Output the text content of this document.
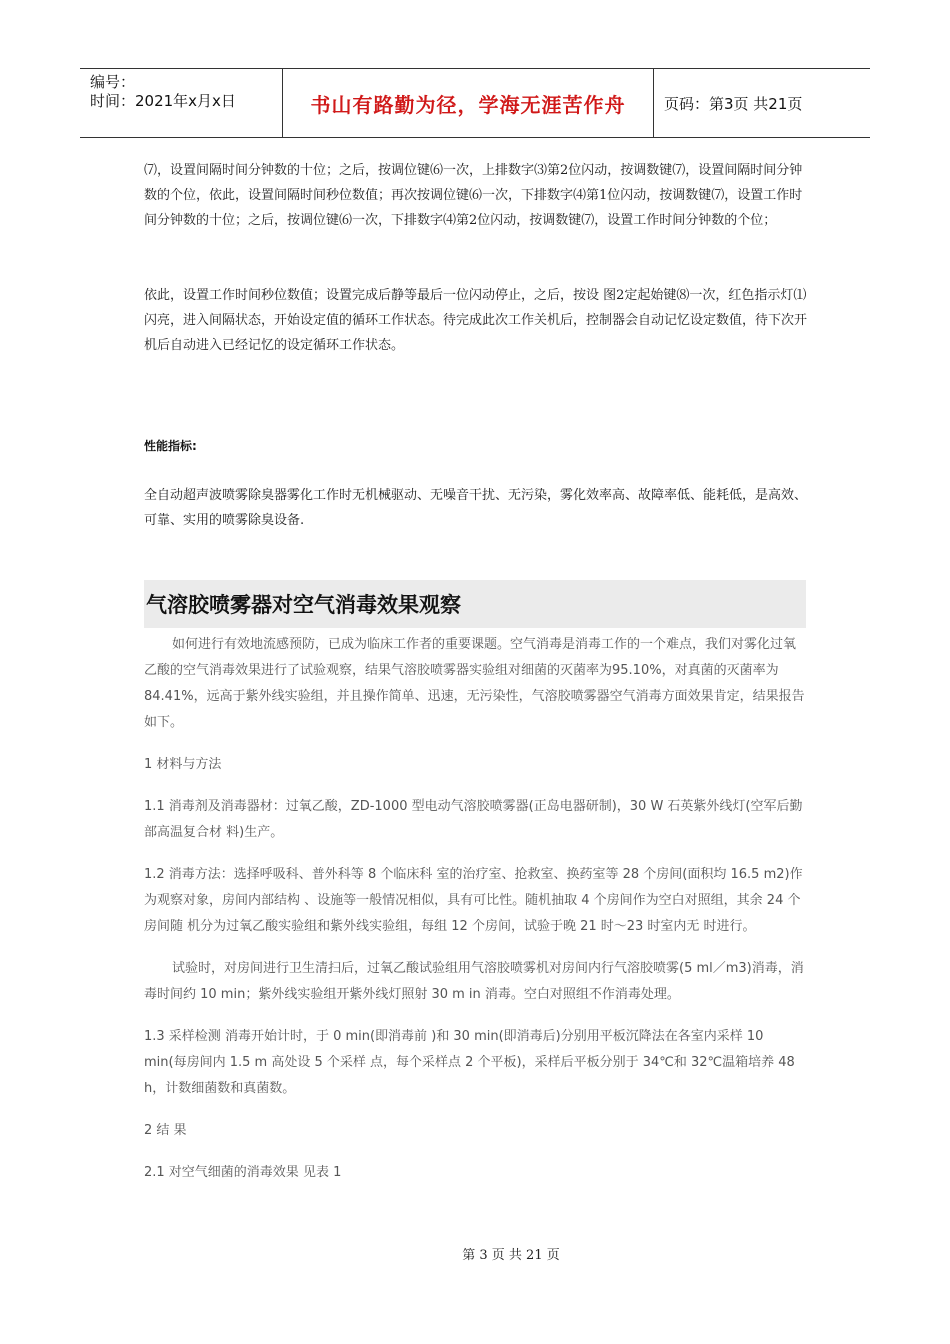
编号：
时间：2021年x月x日	书山有路勤为径，学海无涯苦作舟	页码：第3页 共21页

⑺，设置间隔时间分钟数的十位；之后，按调位键⑹一次，上排数字⑶第2位闪动，按调数键⑺，设置间隔时间分钟数的个位，依此，设置间隔时间秒位数值；再次按调位键⑹一次，下排数字⑷第1位闪动，按调数键⑺，设置工作时间分钟数的十位；之后，按调位键⑹一次，下排数字⑷第2位闪动，按调数键⑺，设置工作时间分钟数的个位；

依此，设置工作时间秒位数值；设置完成后静等最后一位闪动停止，之后，按设 图2定起始键⑻一次，红色指示灯⑴闪亮，进入间隔状态，开始设定值的循环工作状态。待完成此次工作关机后，控制器会自动记忆设定数值，待下次开机后自动进入已经记忆的设定循环工作状态。

性能指标:

全自动超声波喷雾除臭器雾化工作时无机械驱动、无噪音干扰、无污染，雾化效率高、故障率低、能耗低，是高效、可靠、实用的喷雾除臭设备.

气溶胶喷雾器对空气消毒效果观察

如何进行有效地流感预防，已成为临床工作者的重要课题。空气消毒是消毒工作的一个难点，我们对雾化过氧乙酸的空气消毒效果进行了试验观察，结果气溶胶喷雾器实验组对细菌的灭菌率为95.10%，对真菌的灭菌率为84.41%，远高于紫外线实验组，并且操作简单、迅速，无污染性，气溶胶喷雾器空气消毒方面效果肯定，结果报告如下。

1 材料与方法

1.1 消毒剂及消毒器材：过氧乙酸，ZD-1000 型电动气溶胶喷雾器(正岛电器研制)，30 W 石英紫外线灯(空军后勤部高温复合材 料)生产。

1.2 消毒方法：选择呼吸科、普外科等 8 个临床科 室的治疗室、抢救室、换药室等 28 个房间(面积均 16.5 m2)作为观察对象，房间内部结构 、设施等一般情况相似，具有可比性。随机抽取 4 个房间作为空白对照组，其余 24 个房间随 机分为过氧乙酸实验组和紫外线实验组，每组 12 个房间，试验于晚 21 时～23 时室内无 时进行。

试验时，对房间进行卫生清扫后，过氧乙酸试验组用气溶胶喷雾机对房间内行气溶胶喷雾(5 ml／m3)消毒，消毒时间约 10 min；紫外线实验组开紫外线灯照射 30 m in 消毒。空白对照组不作消毒处理。

1.3 采样检测 消毒开始计时，于 0 min(即消毒前 )和 30 min(即消毒后)分别用平板沉降法在各室内采样 10 min(每房间内 1.5 m 高处设 5 个采样 点，每个采样点 2 个平板)，采样后平板分别于 34℃和 32℃温箱培养 48 h，计数细菌数和真菌数。

2 结 果

2.1 对空气细菌的消毒效果 见表 1

第 3 页 共 21 页
